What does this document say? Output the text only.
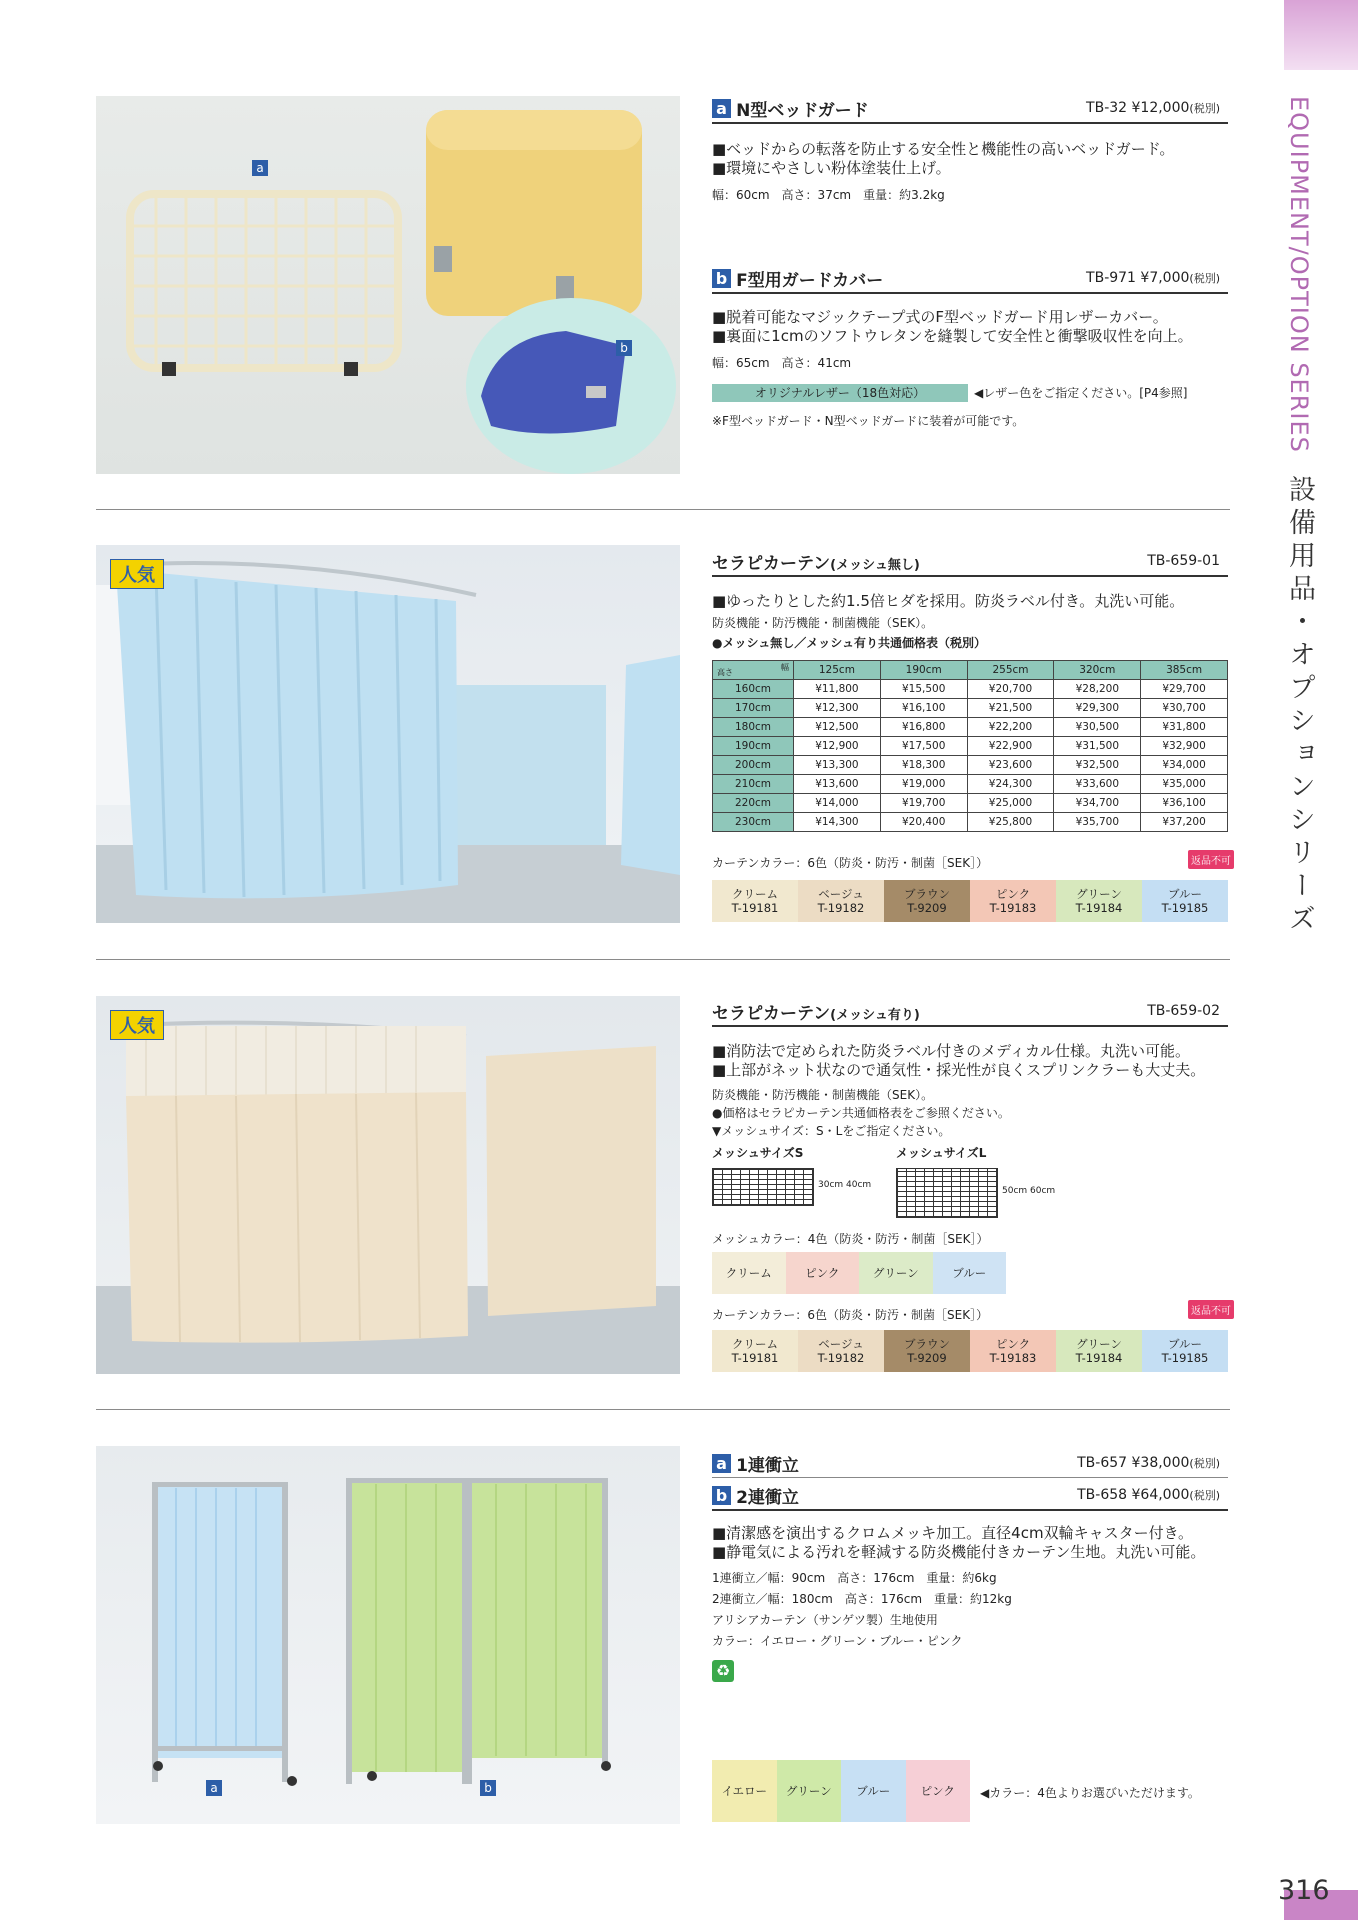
EQUIPMENT/OPTION SERIES 設備用品・オプションシリーズ
316
a
b
a N型ベッドガード	TB-32 ¥12,000(税別)
■ベッドからの転落を防止する安全性と機能性の高いベッドガード。
■環境にやさしい粉体塗装仕上げ。
幅：60cm　高さ：37cm　重量：約3.2kg
b F型用ガードカバー	TB-971 ¥7,000(税別)
■脱着可能なマジックテープ式のF型ベッドガード用レザーカバー。
■裏面に1cmのソフトウレタンを縫製して安全性と衝撃吸収性を向上。
幅：65cm　高さ：41cm
オリジナルレザー（18色対応）	◀レザー色をご指定ください。[P4参照]
※F型ベッドガード・N型ベッドガードに装着が可能です。
人気
セラピカーテン(メッシュ無し)	TB-659-01
■ゆったりとした約1.5倍ヒダを採用。防炎ラベル付き。丸洗い可能。
防炎機能・防汚機能・制菌機能（SEK）。
●メッシュ無し／メッシュ有り共通価格表（税別）
高さ
幅	125cm	190cm	255cm	320cm	385cm
160cm	¥11,800	¥15,500	¥20,700	¥28,200	¥29,700
170cm	¥12,300	¥16,100	¥21,500	¥29,300	¥30,700
180cm	¥12,500	¥16,800	¥22,200	¥30,500	¥31,800
190cm	¥12,900	¥17,500	¥22,900	¥31,500	¥32,900
200cm	¥13,300	¥18,300	¥23,600	¥32,500	¥34,000
210cm	¥13,600	¥19,000	¥24,300	¥33,600	¥35,000
220cm	¥14,000	¥19,700	¥25,000	¥34,700	¥36,100
230cm	¥14,300	¥20,400	¥25,800	¥35,700	¥37,200
カーテンカラー：6色（防炎・防汚・制菌［SEK］）	返品不可
クリーム
T-19181
ベージュ
T-19182
ブラウン
T-9209
ピンク
T-19183
グリーン
T-19184
ブルー
T-19185
人気
セラピカーテン(メッシュ有り)	TB-659-02
■消防法で定められた防炎ラベル付きのメディカル仕様。丸洗い可能。
■上部がネット状なので通気性・採光性が良くスプリンクラーも大丈夫。
防炎機能・防汚機能・制菌機能（SEK）。
●価格はセラピカーテン共通価格表をご参照ください。
▼メッシュサイズ：S・Lをご指定ください。
メッシュサイズS
30cm 40cm
メッシュサイズL
50cm 60cm
メッシュカラー：4色（防炎・防汚・制菌［SEK］）
クリーム	ピンク	グリーン	ブルー
カーテンカラー：6色（防炎・防汚・制菌［SEK］）	返品不可
クリーム
T-19181
ベージュ
T-19182
ブラウン
T-9209
ピンク
T-19183
グリーン
T-19184
ブルー
T-19185
a	b
a 1連衝立	TB-657 ¥38,000(税別)
b 2連衝立	TB-658 ¥64,000(税別)
■清潔感を演出するクロムメッキ加工。直径4cm双輪キャスター付き。
■静電気による汚れを軽減する防炎機能付きカーテン生地。丸洗い可能。
1連衝立／幅：90cm　高さ：176cm　重量：約6kg
2連衝立／幅：180cm　高さ：176cm　重量：約12kg
アリシアカーテン（サンゲツ製）生地使用
カラー：イエロー・グリーン・ブルー・ピンク
♻
イエロー	グリーン	ブルー	ピンク	◀カラー：4色よりお選びいただけます。
